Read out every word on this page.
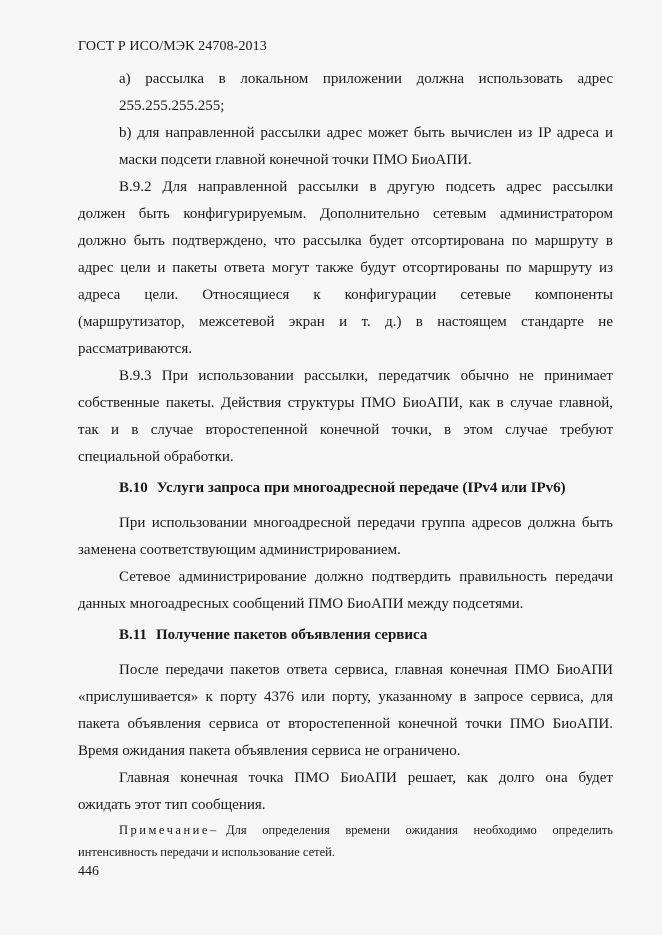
ГОСТ Р ИСО/МЭК 24708-2013
а) рассылка в локальном приложении должна использовать адрес
255.255.255.255;
b) для направленной рассылки адрес может быть вычислен из IP адреса и
маски подсети главной конечной точки ПМО БиоАПИ.
В.9.2 Для направленной рассылки в другую подсеть адрес рассылки
должен быть конфигурируемым. Дополнительно сетевым администратором
должно быть подтверждено, что рассылка будет отсортирована по маршруту в
адрес цели и пакеты ответа могут также будут отсортированы по маршруту из
адреса цели. Относящиеся к конфигурации сетевые компоненты
(маршрутизатор, межсетевой экран и т. д.) в настоящем стандарте не
рассматриваются.
В.9.3 При использовании рассылки, передатчик обычно не принимает
собственные пакеты. Действия структуры ПМО БиоАПИ, как в случае главной,
так и в случае второстепенной конечной точки, в этом случае требуют
специальной обработки.
В.10 Услуги запроса при многоадресной передаче (IPv4 или IPv6)
При использовании многоадресной передачи группа адресов должна быть
заменена соответствующим администрированием.
Сетевое администрирование должно подтвердить правильность передачи
данных многоадресных сообщений ПМО БиоАПИ между подсетями.
В.11 Получение пакетов объявления сервиса
После передачи пакетов ответа сервиса, главная конечная ПМО БиоАПИ
«прислушивается» к порту 4376 или порту, указанному в запросе сервиса, для
пакета объявления сервиса от второстепенной конечной точки ПМО БиоАПИ.
Время ожидания пакета объявления сервиса не ограничено.
Главная конечная точка ПМО БиоАПИ решает, как долго она будет
ожидать этот тип сообщения.
Примечание – Для определения времени ожидания необходимо определить
интенсивность передачи и использование сетей.
446
